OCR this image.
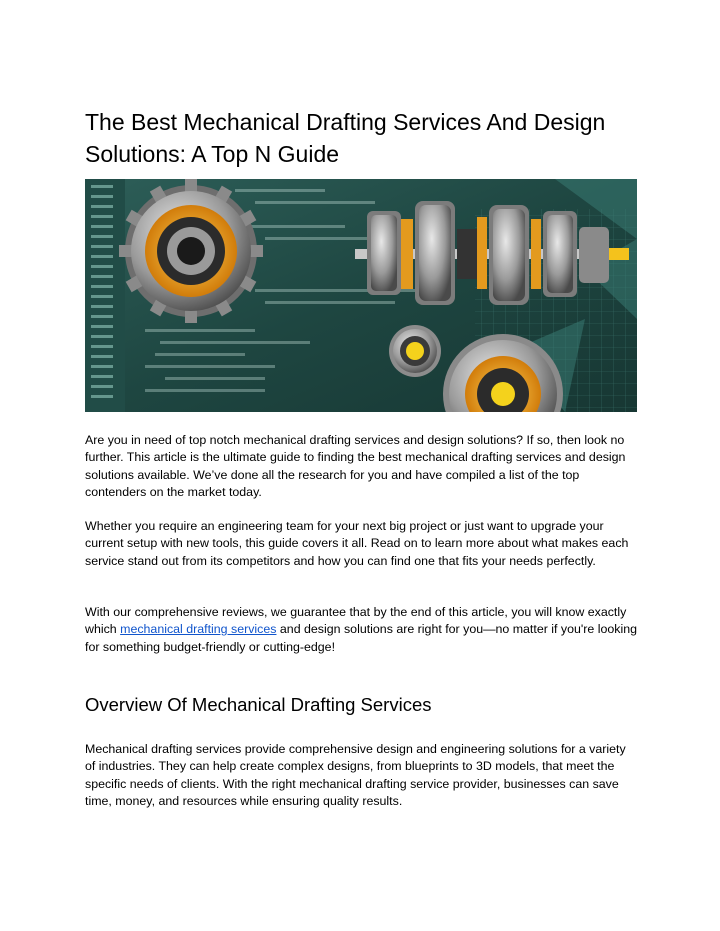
The Best Mechanical Drafting Services And Design Solutions: A Top N Guide

Are you in need of top notch mechanical drafting services and design solutions? If so, then look no further. This article is the ultimate guide to finding the best mechanical drafting services and design solutions available. We’ve done all the research for you and have compiled a list of the top contenders on the market today.

Whether you require an engineering team for your next big project or just want to upgrade your current setup with new tools, this guide covers it all. Read on to learn more about what makes each service stand out from its competitors and how you can find one that fits your needs perfectly.

With our comprehensive reviews, we guarantee that by the end of this article, you will know exactly which mechanical drafting services and design solutions are right for you—no matter if you're looking for something budget-friendly or cutting-edge!

Overview Of Mechanical Drafting Services

Mechanical drafting services provide comprehensive design and engineering solutions for a variety of industries. They can help create complex designs, from blueprints to 3D models, that meet the specific needs of clients. With the right mechanical drafting service provider, businesses can save time, money, and resources while ensuring quality results.
